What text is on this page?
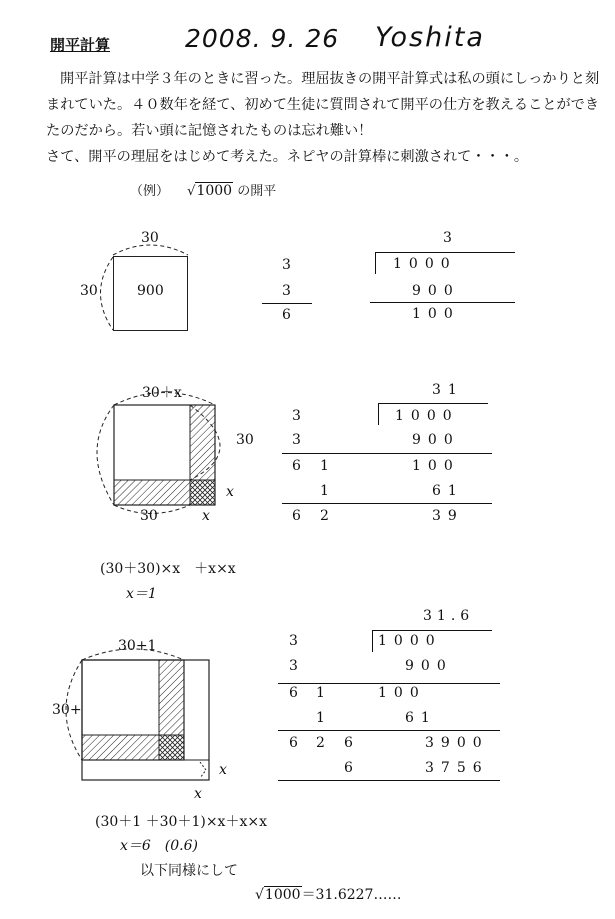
開平計算	2008. 9. 26 Yoshita

開平計算は中学３年のときに習った。理屈抜きの開平計算式は私の頭にしっかりと刻まれていた。４０数年を経て、初めて生徒に質問されて開平の仕方を教えることができたのだから。若い頭に記憶されたものは忘れ難い！

さて、開平の理屈をはじめて考えた。ネピヤの計算棒に刺激されて・・・。

（例） √1000 の開平
30
30	900
3
3
6
3
1000
900
100
30＋x
30
30
x
x
3
3
6 1
1
6 2
31
1000
900
100
61
39
(30＋30)×x　＋x×x
x＝1
30+1
30+
x
x
3
3
6 1
1
6 2 6
6
31.6
1000
900
100
61
3900
3756
(30＋1 ＋30＋1)×x＋x×x
x＝6　(0.6)
以下同様にして
√1000＝31.6227……
